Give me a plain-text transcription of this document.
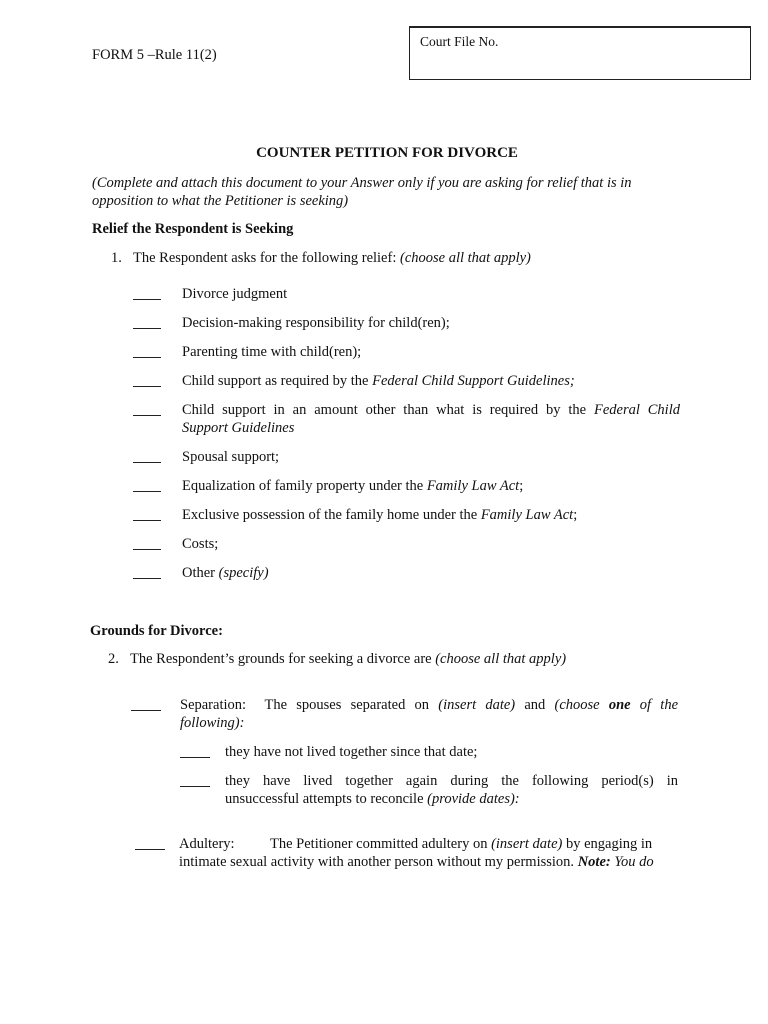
FORM 5 –Rule 11(2)
Court File No.
COUNTER PETITION FOR DIVORCE
(Complete and attach this document to your Answer only if you are asking for relief that is in
opposition to what the Petitioner is seeking)
Relief the Respondent is Seeking
1. The Respondent asks for the following relief: (choose all that apply)
Divorce judgment
Decision-making responsibility for child(ren);
Parenting time with child(ren);
Child support as required by the Federal Child Support Guidelines;
Child support in an amount other than what is required by the Federal Child
Support Guidelines
Spousal support;
Equalization of family property under the Family Law Act;
Exclusive possession of the family home under the Family Law Act;
Costs;
Other (specify)
Grounds for Divorce:
2. The Respondent’s grounds for seeking a divorce are (choose all that apply)
Separation: The spouses separated on (insert date) and (choose one of the
following):
they have not lived together since that date;
they have lived together again during the following period(s) in
unsuccessful attempts to reconcile (provide dates):
Adultery: The Petitioner committed adultery on (insert date) by engaging in
intimate sexual activity with another person without my permission. Note: You do
